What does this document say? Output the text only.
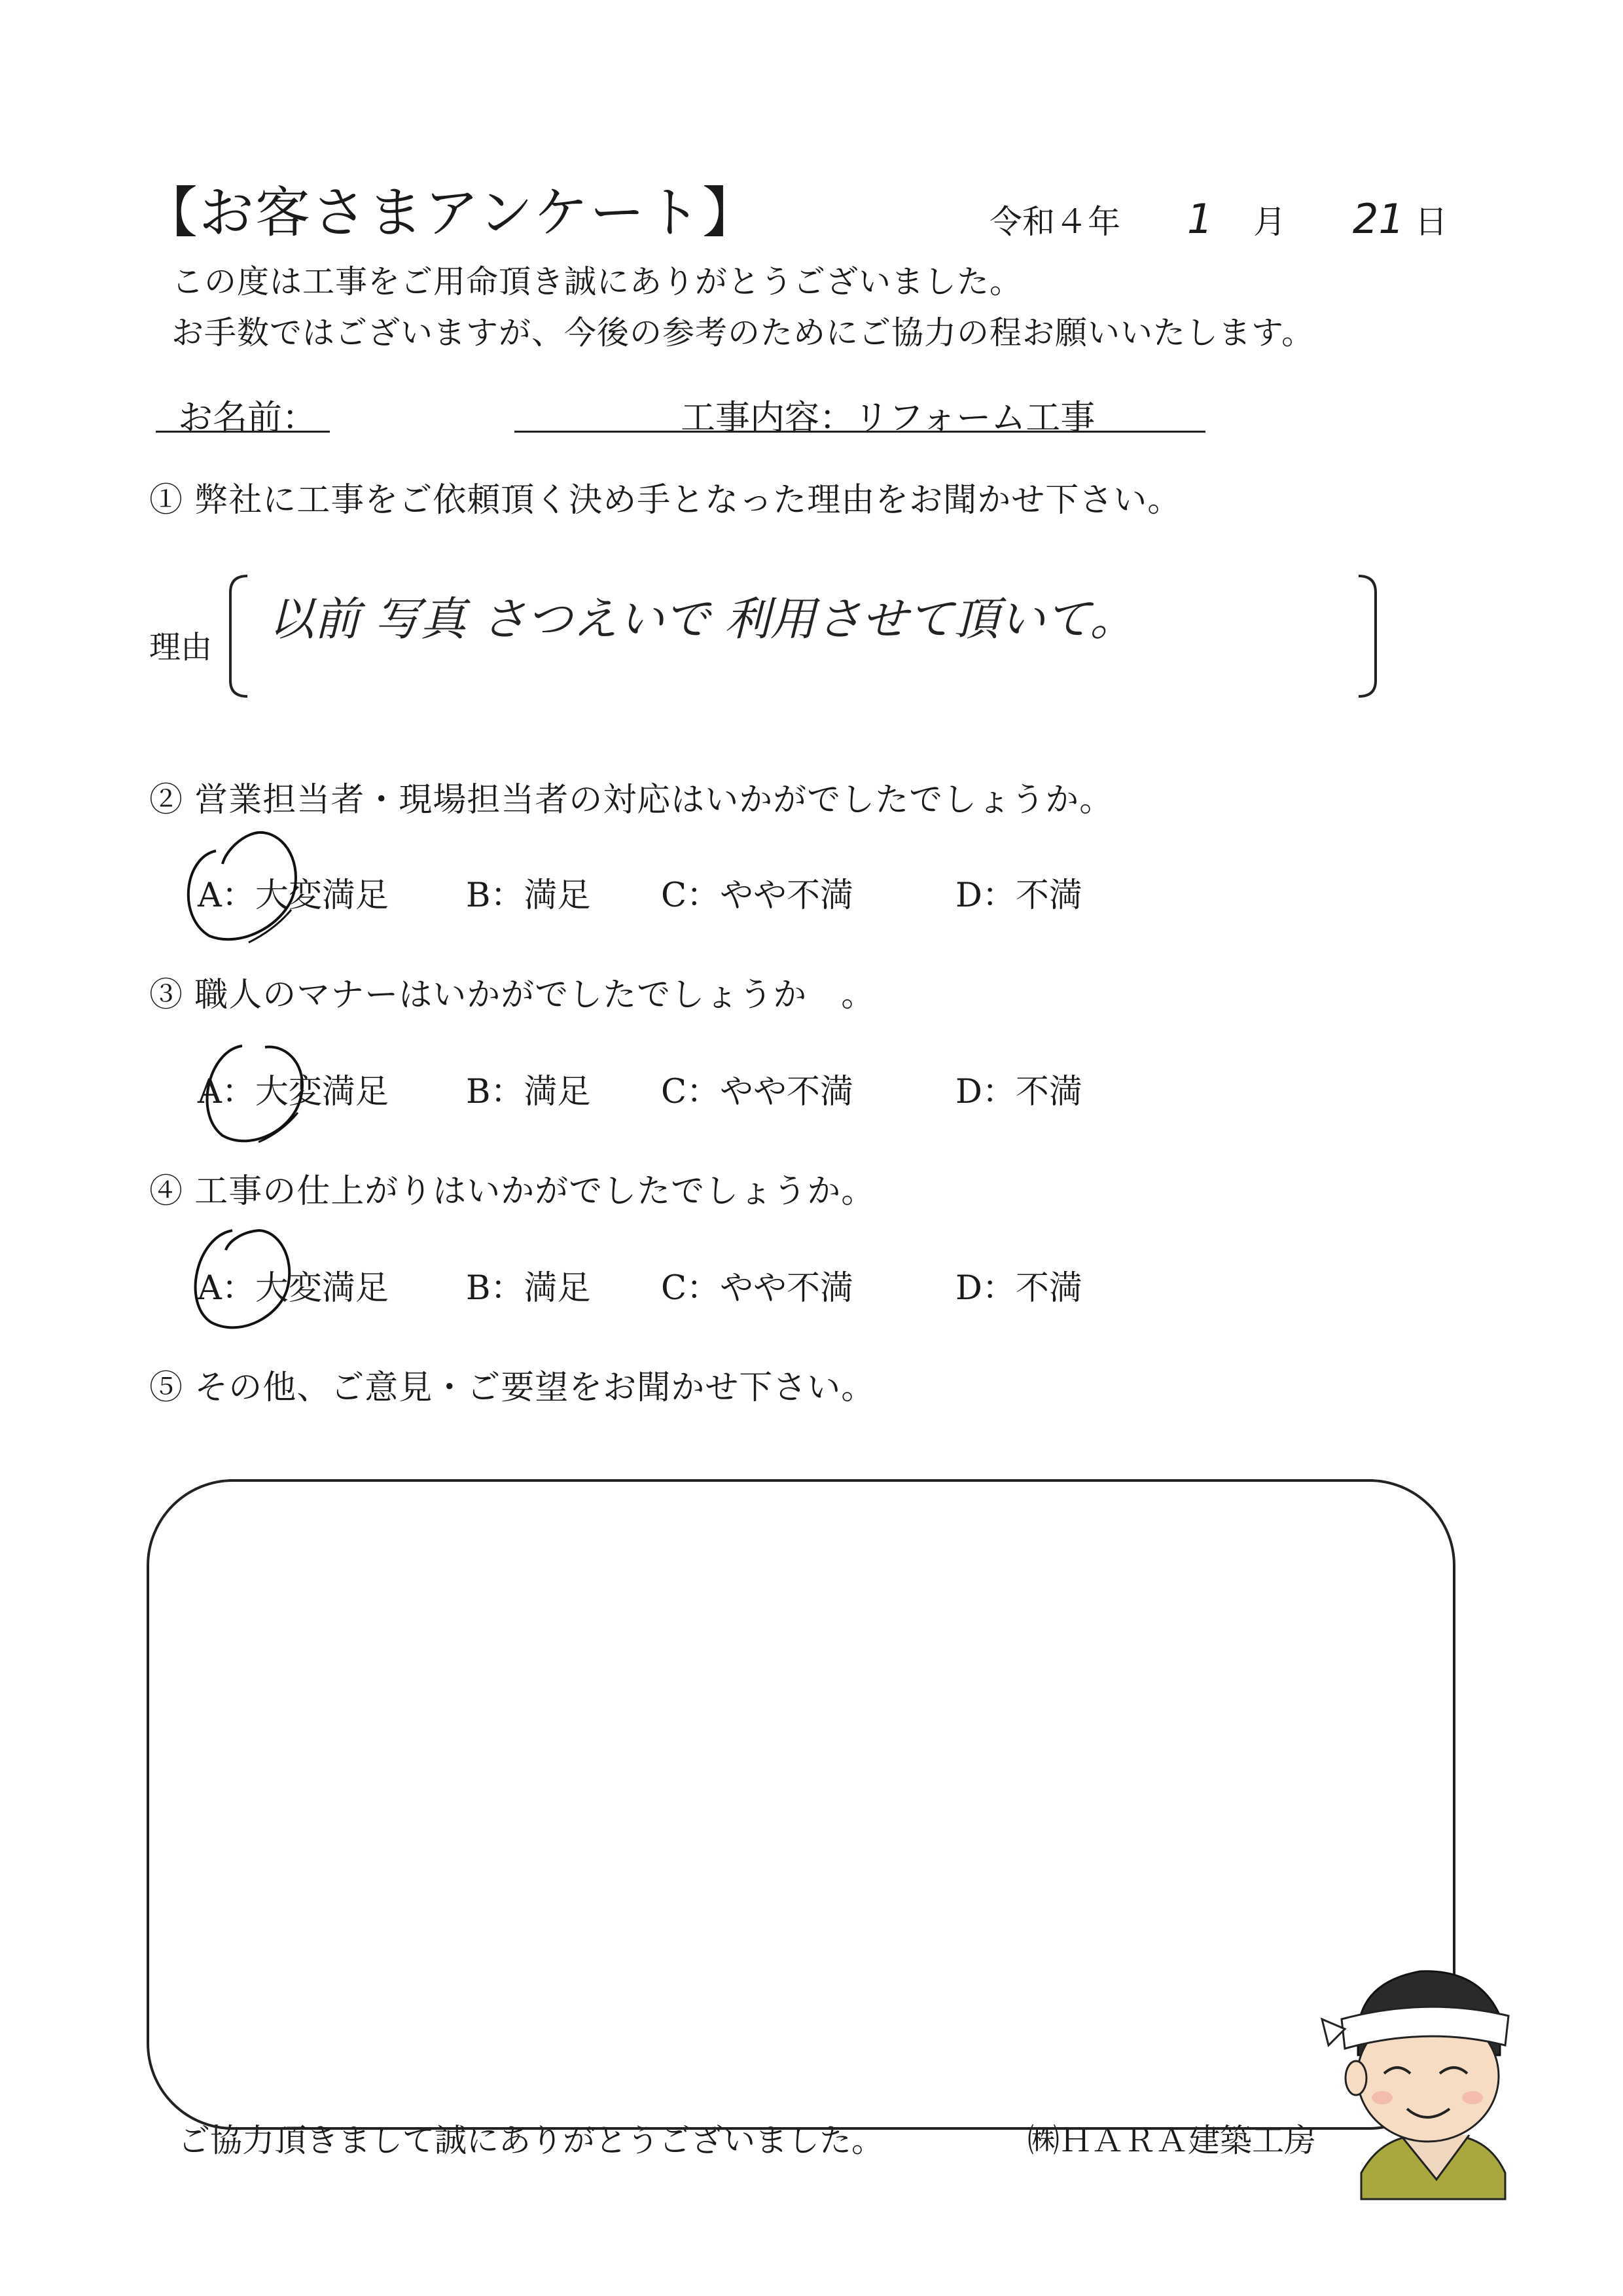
【お客さまアンケート】	令和４年 1 月 21 日
この度は工事をご用命頂き誠にありがとうございました。
お手数ではございますが、今後の参考のためにご協力の程お願いいたします。
お名前：	工事内容：リフォーム工事
① 弊社に工事をご依頼頂く決め手となった理由をお聞かせ下さい。
理由
以前 写真 さつえいで 利用させて頂いて。
② 営業担当者・現場担当者の対応はいかがでしたでしょうか。
A：大変満足 B：満足 C：やや不満	D：不満
③ 職人のマナーはいかがでしたでしょうか　。
A：大変満足 B：満足 C：やや不満	D：不満
④ 工事の仕上がりはいかがでしたでしょうか。
A：大変満足 B：満足 C：やや不満	D：不満
⑤ その他、ご意見・ご要望をお聞かせ下さい。
ご協力頂きまして誠にありがとうございました。	㈱ＨＡＲＡ建築工房
